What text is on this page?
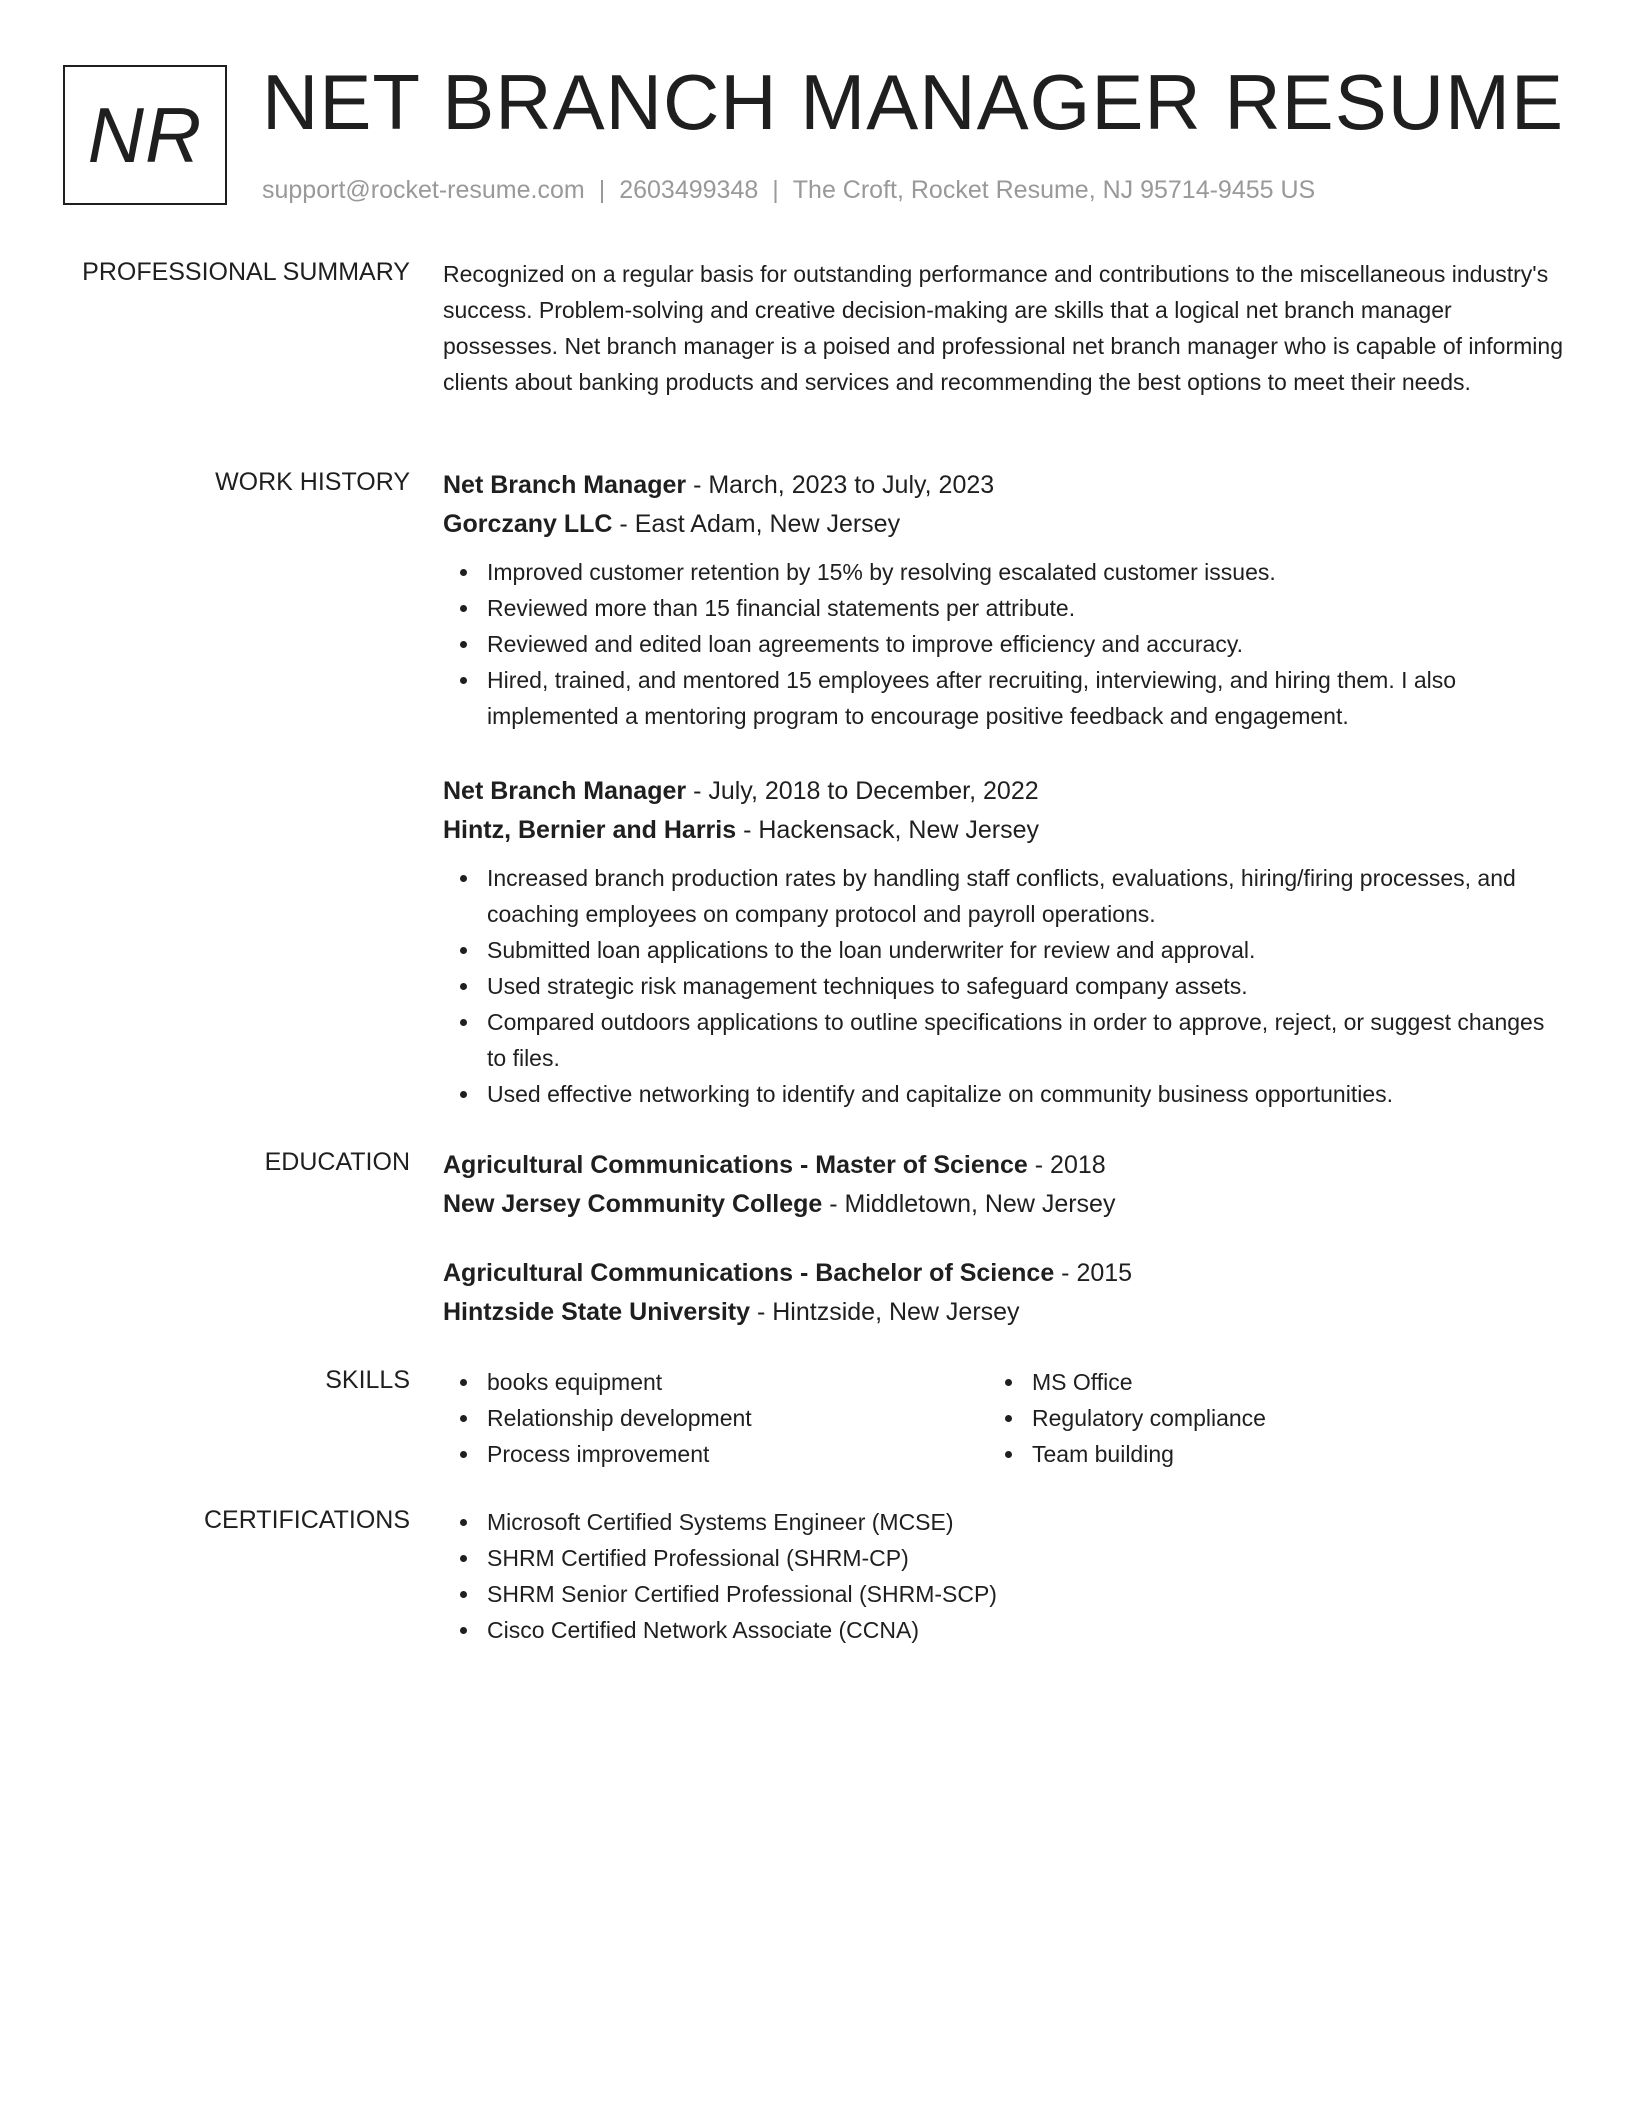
NR NET BRANCH MANAGER RESUME
support@rocket-resume.com | 2603499348 | The Croft, Rocket Resume, NJ 95714-9455 US
PROFESSIONAL SUMMARY Recognized on a regular basis for outstanding performance and contributions to the miscellaneous industry's success. Problem-solving and creative decision-making are skills that a logical net branch manager possesses. Net branch manager is a poised and professional net branch manager who is capable of informing clients about banking products and services and recommending the best options to meet their needs.

WORK HISTORY Net Branch Manager - March, 2023 to July, 2023

Gorczany LLC - East Adam, New Jersey

Improved customer retention by 15% by resolving escalated customer issues.
Reviewed more than 15 financial statements per attribute.
Reviewed and edited loan agreements to improve efficiency and accuracy.
Hired, trained, and mentored 15 employees after recruiting, interviewing, and hiring them. I also implemented a mentoring program to encourage positive feedback and engagement.

Net Branch Manager - July, 2018 to December, 2022

Hintz, Bernier and Harris - Hackensack, New Jersey

Increased branch production rates by handling staff conflicts, evaluations, hiring/firing processes, and coaching employees on company protocol and payroll operations.
Submitted loan applications to the loan underwriter for review and approval.
Used strategic risk management techniques to safeguard company assets.
Compared outdoors applications to outline specifications in order to approve, reject, or suggest changes to files.
Used effective networking to identify and capitalize on community business opportunities.
EDUCATION Agricultural Communications - Master of Science - 2018

New Jersey Community College - Middletown, New Jersey

Agricultural Communications - Bachelor of Science - 2015

Hintzside State University - Hintzside, New Jersey

SKILLS	books equipment
Relationship development
Process improvement
MS Office
Regulatory compliance
Team building
CERTIFICATIONS	Microsoft Certified Systems Engineer (MCSE)
SHRM Certified Professional (SHRM-CP)
SHRM Senior Certified Professional (SHRM-SCP)
Cisco Certified Network Associate (CCNA)
